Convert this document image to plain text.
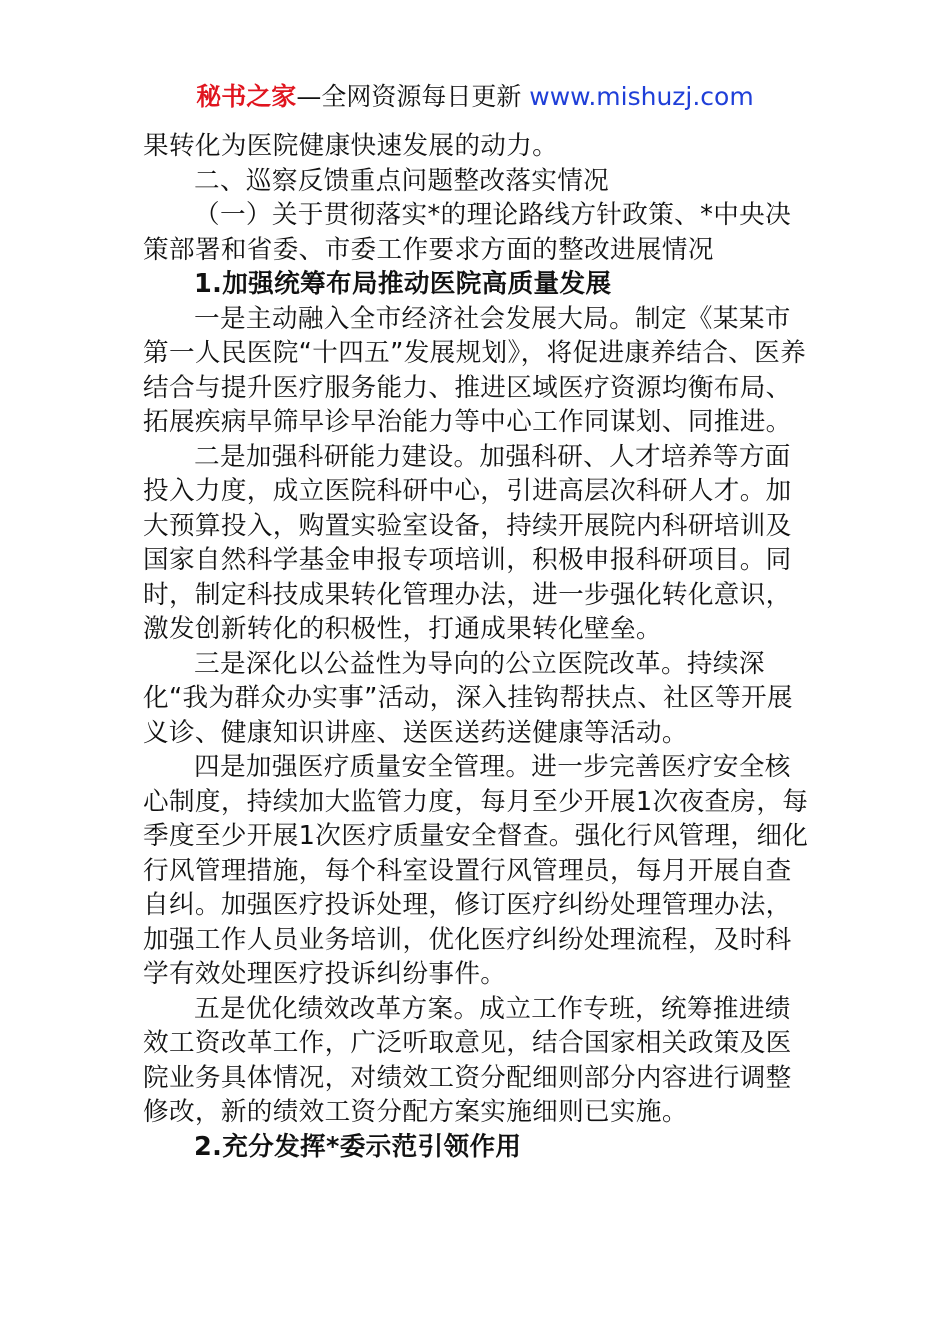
秘书之家—全网资源每日更新 www.mishuzj.com

果转化为医院健康快速发展的动力。

二、巡察反馈重点问题整改落实情况

（一）关于贯彻落实*的理论路线方针政策、*中央决策部署和省委、市委工作要求方面的整改进展情况

1.加强统筹布局推动医院高质量发展

一是主动融入全市经济社会发展大局。制定《某某市第一人民医院“十四五”发展规划》，将促进康养结合、医养结合与提升医疗服务能力、推进区域医疗资源均衡布局、拓展疾病早筛早诊早治能力等中心工作同谋划、同推进。

二是加强科研能力建设。加强科研、人才培养等方面投入力度，成立医院科研中心，引进高层次科研人才。加大预算投入，购置实验室设备，持续开展院内科研培训及国家自然科学基金申报专项培训，积极申报科研项目。同时，制定科技成果转化管理办法，进一步强化转化意识，激发创新转化的积极性，打通成果转化壁垒。

三是深化以公益性为导向的公立医院改革。持续深化“我为群众办实事”活动，深入挂钩帮扶点、社区等开展义诊、健康知识讲座、送医送药送健康等活动。

四是加强医疗质量安全管理。进一步完善医疗安全核心制度，持续加大监管力度，每月至少开展1次夜查房，每季度至少开展1次医疗质量安全督查。强化行风管理，细化行风管理措施，每个科室设置行风管理员，每月开展自查自纠。加强医疗投诉处理，修订医疗纠纷处理管理办法，加强工作人员业务培训，优化医疗纠纷处理流程，及时科学有效处理医疗投诉纠纷事件。

五是优化绩效改革方案。成立工作专班，统筹推进绩效工资改革工作，广泛听取意见，结合国家相关政策及医院业务具体情况，对绩效工资分配细则部分内容进行调整修改，新的绩效工资分配方案实施细则已实施。

2.充分发挥*委示范引领作用
